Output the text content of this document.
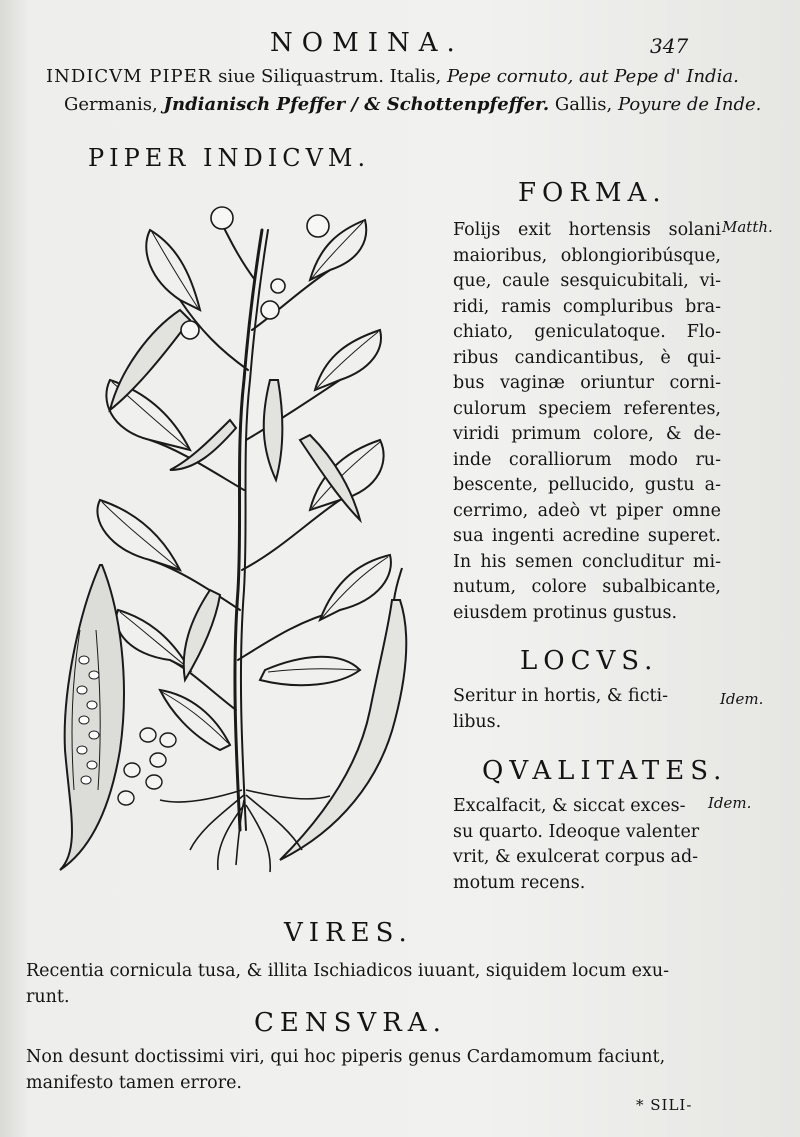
NOMINA.	347
INDICVM PIPER siue Siliquastrum. Italis, Pepe cornuto, aut Pepe d' India.
Germanis, Jndianisch Pfeffer / & Schottenpfeffer. Gallis, Poyure de Inde.
PIPER INDICVM.
FORMA.
Matth.
Folijs exit hortensis solani
maioribus, oblongioribúsque,
que, caule sesquicubitali, vi-
ridi, ramis compluribus bra-
chiato, geniculatoque. Flo-
ribus candicantibus, è qui-
bus vaginæ oriuntur corni-
culorum speciem referentes,
viridi primum colore, & de-
inde coralliorum modo ru-
bescente, pellucido, gustu a-
cerrimo, adeò vt piper omne
sua ingenti acredine superet.
In his semen concluditur mi-
nutum, colore subalbicante,
eiusdem protinus gustus.
LOCVS.
Idem.
Seritur in hortis, & ficti-
libus.
QVALITATES.
Idem.
Excalfacit, & siccat exces-
su quarto. Ideoque valenter
vrit, & exulcerat corpus ad-
motum recens.
VIRES.
Recentia cornicula tusa, & illita Ischiadicos iuuant, siquidem locum exu-
runt.
CENSVRA.
Non desunt doctissimi viri, qui hoc piperis genus Cardamomum faciunt,
manifesto tamen errore.
* SILI-
